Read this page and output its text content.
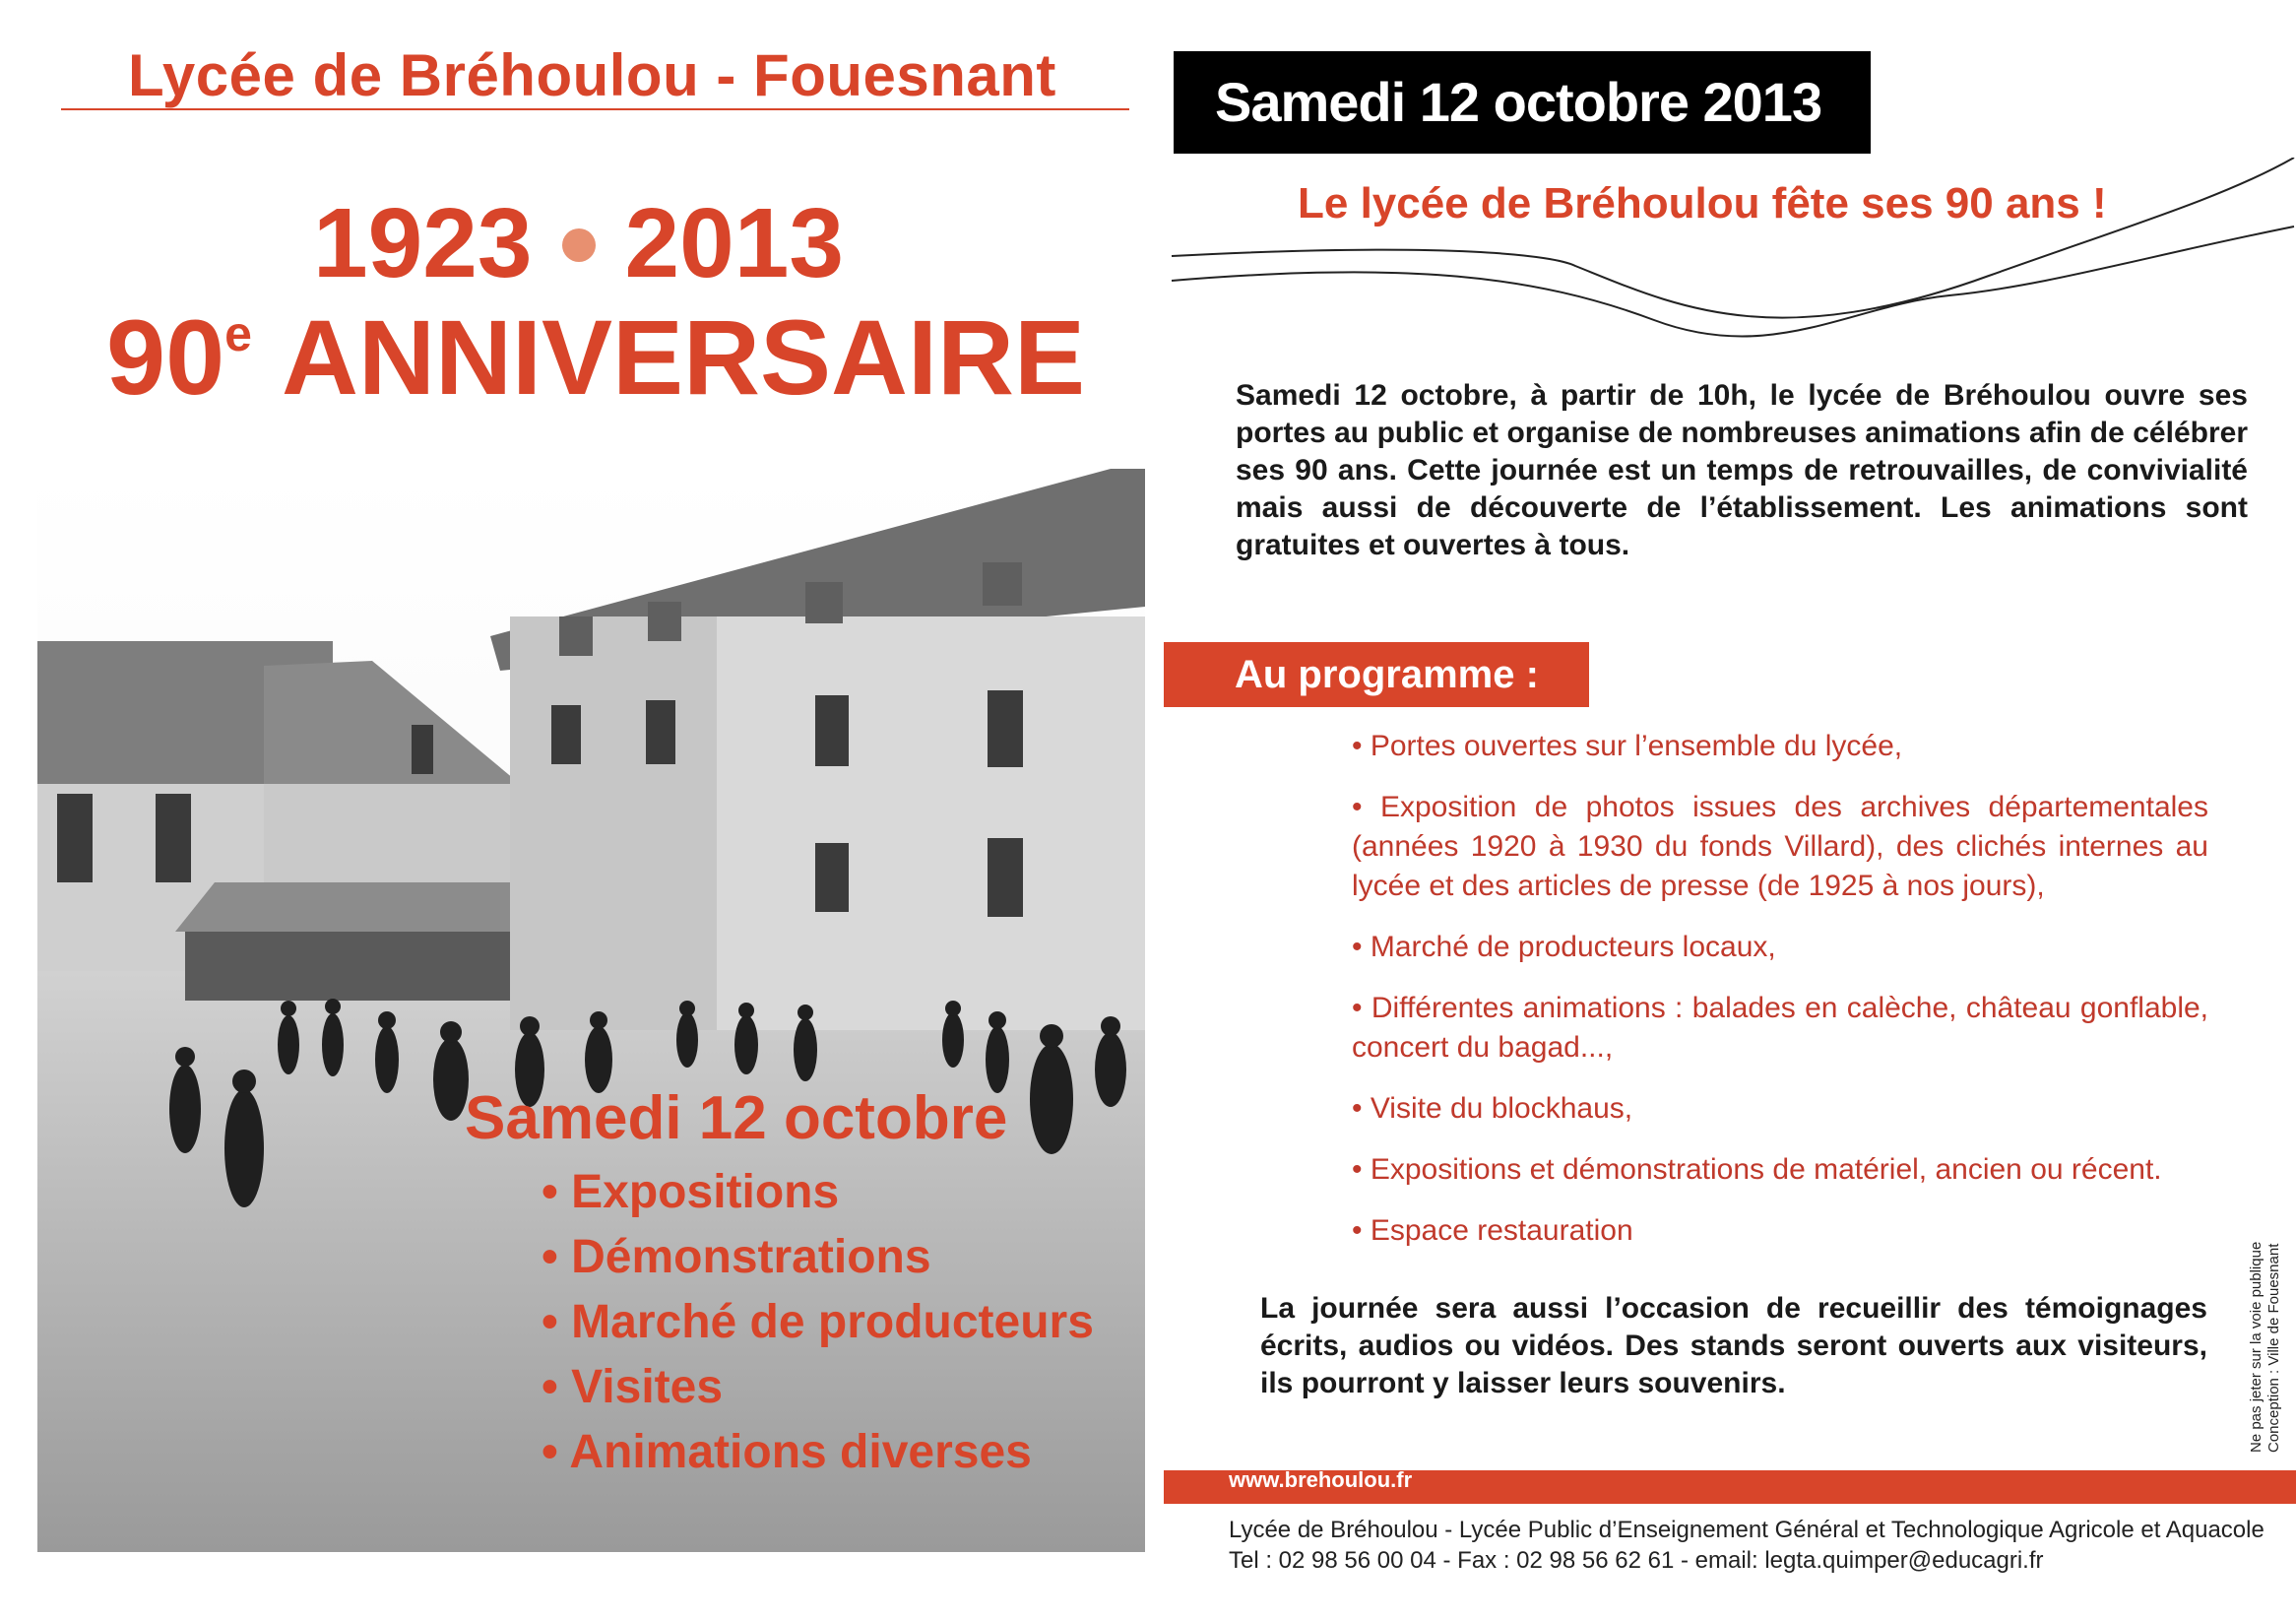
Lycée de Bréhoulou - Fouesnant
1923 2013
90e ANNIVERSAIRE
Samedi 12 octobre
• Expositions
• Démonstrations
• Marché de producteurs
• Visites
• Animations diverses
Samedi 12 octobre 2013
Le lycée de Bréhoulou fête ses 90 ans !

Samedi 12 octobre, à partir de 10h, le lycée de Bréhoulou ouvre ses portes au public et organise de nombreuses animations afin de célébrer ses 90 ans. Cette journée est un temps de retrouvailles, de convivialité mais aussi de découverte de l’établissement. Les animations sont gratuites et ouvertes à tous.

Au programme :
• Portes ouvertes sur l’ensemble du lycée,
• Exposition de photos issues des archives départementales (années 1920 à 1930 du fonds Villard), des clichés internes au lycée et des articles de presse (de 1925 à nos jours),
• Marché de producteurs locaux,
• Différentes animations : balades en calèche, château gonflable, concert du bagad...,
• Visite du blockhaus,
• Expositions et démonstrations de matériel, ancien ou récent.
• Espace restauration

La journée sera aussi l’occasion de recueillir des témoignages écrits, audios ou vidéos. Des stands seront ouverts aux visiteurs, ils pourront y laisser leurs souvenirs.	Ne pas jeter sur la voie publique Conception : Ville de Fouesnant
www.brehoulou.fr
Lycée de Bréhoulou - Lycée Public d’Enseignement Général et Technologique Agricole et Aquacole
Tel : 02 98 56 00 04 - Fax : 02 98 56 62 61 - email: legta.quimper@educagri.fr
